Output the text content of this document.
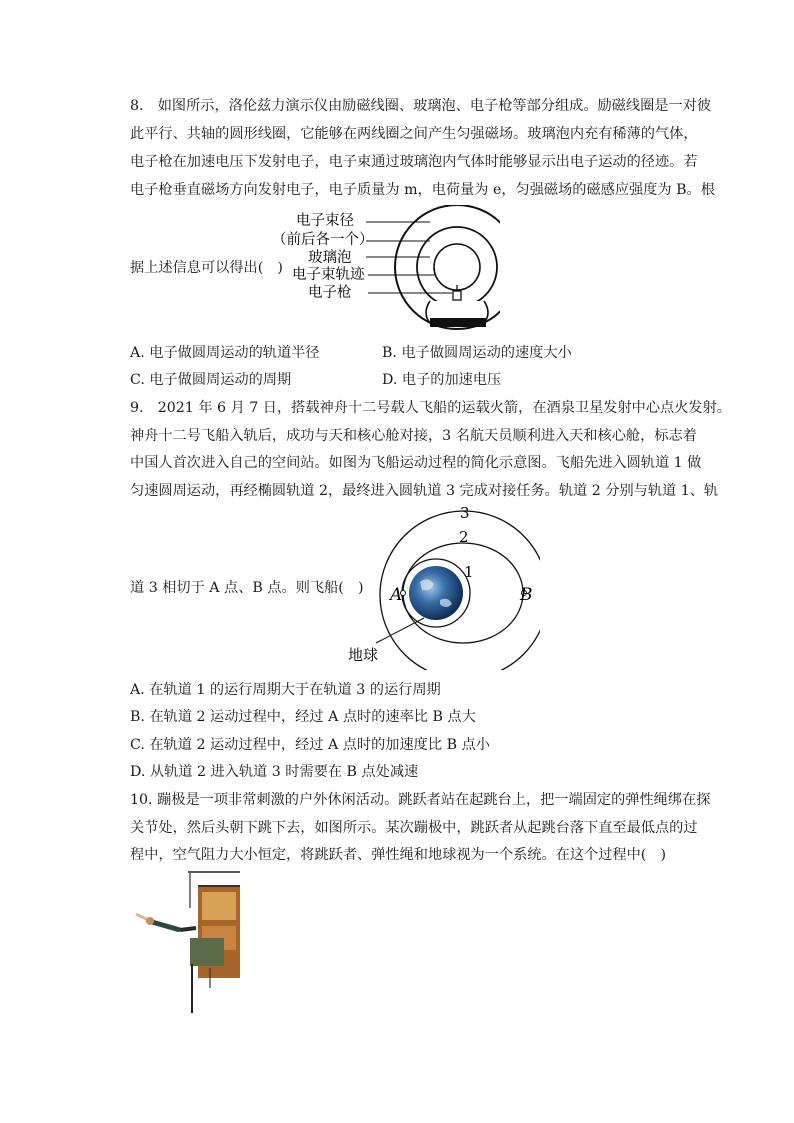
8.　如图所示，洛伦兹力演示仪由励磁线圈、玻璃泡、电子枪等部分组成。励磁线圈是一对彼
此平行、共轴的圆形线圈，它能够在两线圈之间产生匀强磁场。玻璃泡内充有稀薄的气体，
电子枪在加速电压下发射电子，电子束通过玻璃泡内气体时能够显示出电子运动的径迹。若
电子枪垂直磁场方向发射电子，电子质量为 m，电荷量为 e，匀强磁场的磁感应强度为 B。根
据上述信息可以得出(　)
电子束径
（前后各一个）
玻璃泡
电子束轨迹
电子枪
A. 电子做圆周运动的轨道半径	B. 电子做圆周运动的速度大小
C. 电子做圆周运动的周期	D. 电子的加速电压
9.　2021 年 6 月 7 日，搭载神舟十二号载人飞船的运载火箭，在酒泉卫星发射中心点火发射。
神舟十二号飞船入轨后，成功与天和核心舱对接，3 名航天员顺利进入天和核心舱，标志着
中国人首次进入自己的空间站。如图为飞船运动过程的简化示意图。飞船先进入圆轨道 1 做
匀速圆周运动，再经椭圆轨道 2，最终进入圆轨道 3 完成对接任务。轨道 2 分别与轨道 1、轨
道 3 相切于 A 点、B 点。则飞船(　)
3
2
1
A	B
地球
A. 在轨道 1 的运行周期大于在轨道 3 的运行周期
B. 在轨道 2 运动过程中，经过 A 点时的速率比 B 点大
C. 在轨道 2 运动过程中，经过 A 点时的加速度比 B 点小
D. 从轨道 2 进入轨道 3 时需要在 B 点处减速
10. 蹦极是一项非常刺激的户外休闲活动。跳跃者站在起跳台上，把一端固定的弹性绳绑在探
关节处，然后头朝下跳下去，如图所示。某次蹦极中，跳跃者从起跳台落下直至最低点的过
程中，空气阻力大小恒定，将跳跃者、弹性绳和地球视为一个系统。在这个过程中(　)
